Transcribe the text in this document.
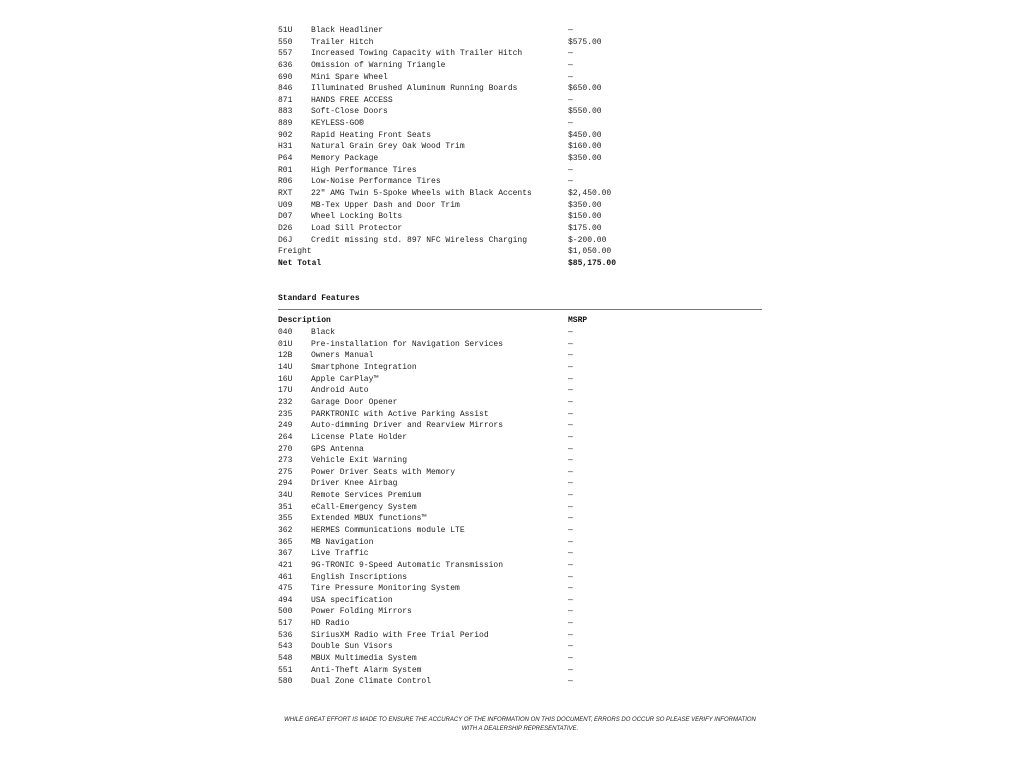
51U Black Headliner	—
550 Trailer Hitch	$575.00
557 Increased Towing Capacity with Trailer Hitch	—
636 Omission of Warning Triangle	—
690 Mini Spare Wheel	—
846 Illuminated Brushed Aluminum Running Boards	$650.00
871 HANDS FREE ACCESS	—
883 Soft-Close Doors	$550.00
889 KEYLESS-GO®	—
902 Rapid Heating Front Seats	$450.00
H31 Natural Grain Grey Oak Wood Trim	$160.00
P64 Memory Package	$350.00
R01 High Performance Tires	—
R06 Low-Noise Performance Tires	—
RXT 22" AMG Twin 5-Spoke Wheels with Black Accents	$2,450.00
U09 MB-Tex Upper Dash and Door Trim	$350.00
D07 Wheel Locking Bolts	$150.00
D26 Load Sill Protector	$175.00
D6J Credit missing std. 897 NFC Wireless Charging	$-200.00
Freight	$1,050.00
Net Total	$85,175.00
Standard Features
Description	MSRP
040 Black	—
01U Pre-installation for Navigation Services	—
12B Owners Manual	—
14U Smartphone Integration	—
16U Apple CarPlay™	—
17U Android Auto	—
232 Garage Door Opener	—
235 PARKTRONIC with Active Parking Assist	—
249 Auto-dimming Driver and Rearview Mirrors	—
264 License Plate Holder	—
270 GPS Antenna	—
273 Vehicle Exit Warning	—
275 Power Driver Seats with Memory	—
294 Driver Knee Airbag	—
34U Remote Services Premium	—
351 eCall-Emergency System	—
355 Extended MBUX functions™	—
362 HERMES Communications module LTE	—
365 MB Navigation	—
367 Live Traffic	—
421 9G-TRONIC 9-Speed Automatic Transmission	—
461 English Inscriptions	—
475 Tire Pressure Monitoring System	—
494 USA specification	—
500 Power Folding Mirrors	—
517 HD Radio	—
536 SiriusXM Radio with Free Trial Period	—
543 Double Sun Visors	—
548 MBUX Multimedia System	—
551 Anti-Theft Alarm System	—
580 Dual Zone Climate Control	—
WHILE GREAT EFFORT IS MADE TO ENSURE THE ACCURACY OF THE INFORMATION ON THIS DOCUMENT, ERRORS DO OCCUR SO PLEASE VERIFY INFORMATION WITH A DEALERSHIP REPRESENTATIVE.
